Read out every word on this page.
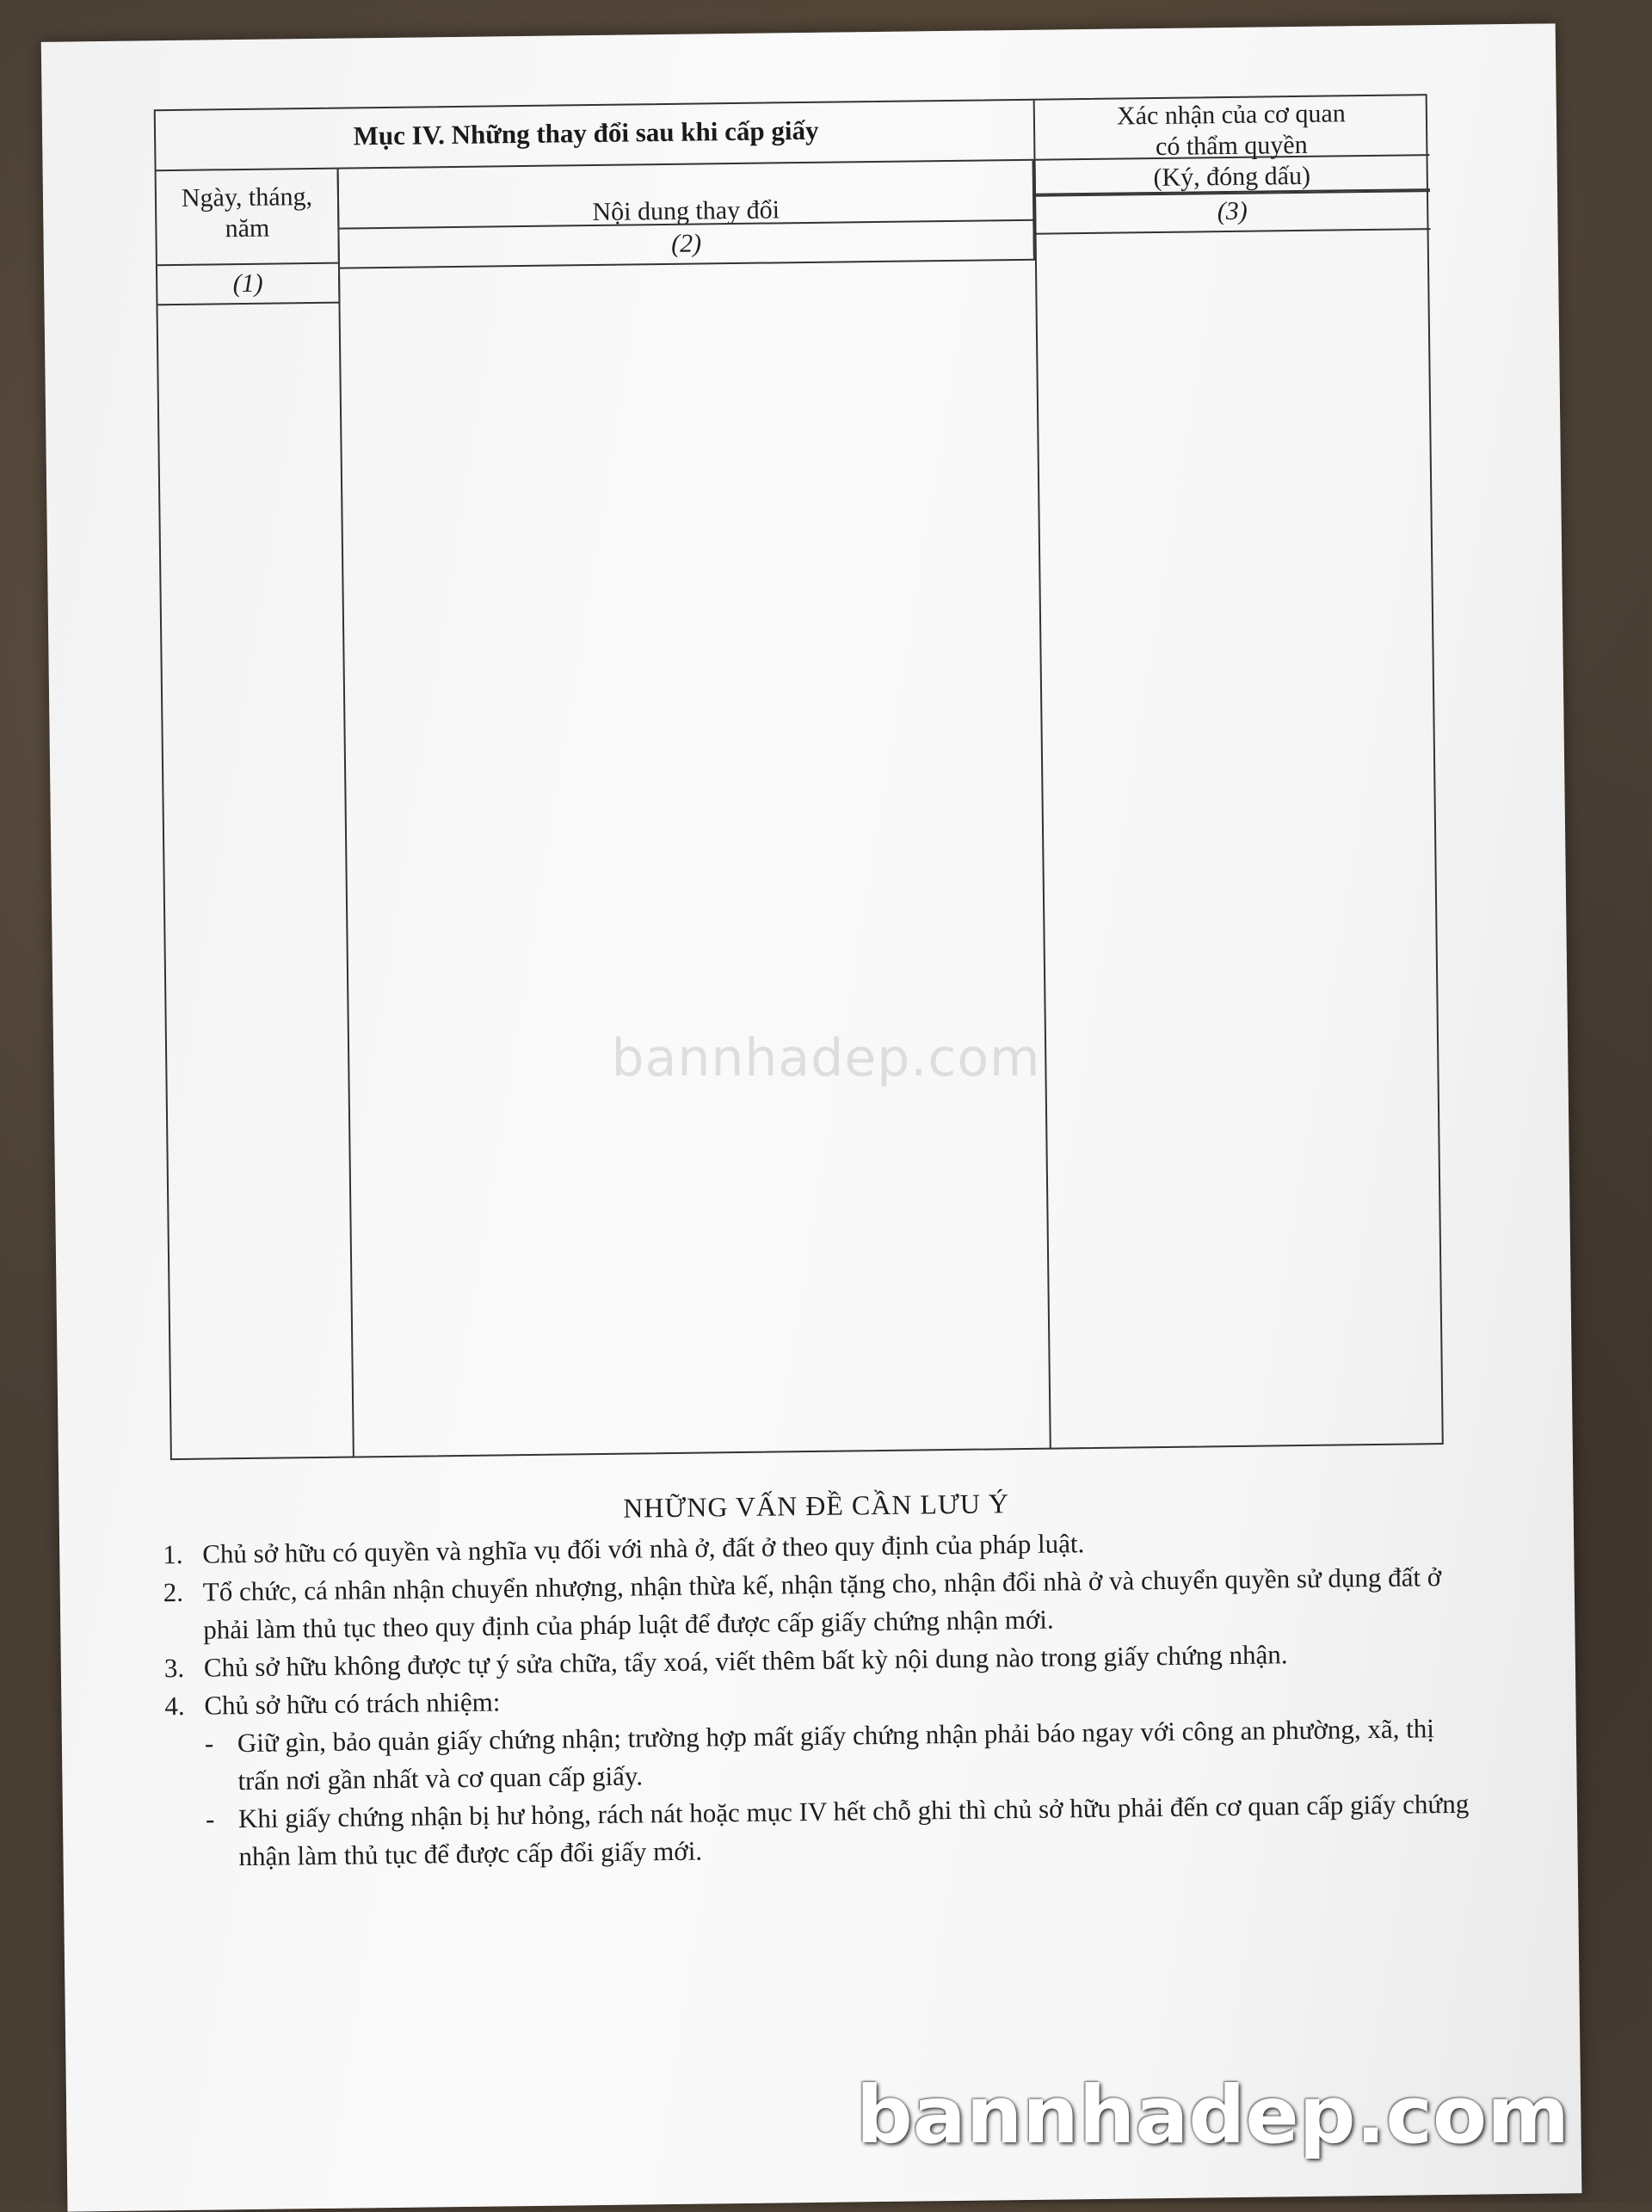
Mục IV. Những thay đổi sau khi cấp giấy
Ngày, tháng, năm
Nội dung thay đổi
Xác nhận của cơ quan
có thẩm quyền
(Ký, đóng dấu)
(1)
(2)
(3)
NHỮNG VẤN ĐỀ CẦN LƯU Ý
1. Chủ sở hữu có quyền và nghĩa vụ đối với nhà ở, đất ở theo quy định của pháp luật.
2. Tổ chức, cá nhân nhận chuyển nhượng, nhận thừa kế, nhận tặng cho, nhận đổi nhà ở và chuyển quyền sử dụng đất ở phải làm thủ tục theo quy định của pháp luật để được cấp giấy chứng nhận mới.
3. Chủ sở hữu không được tự ý sửa chữa, tẩy xoá, viết thêm bất kỳ nội dung nào trong giấy chứng nhận.
4. Chủ sở hữu có trách nhiệm:
- Giữ gìn, bảo quản giấy chứng nhận; trường hợp mất giấy chứng nhận phải báo ngay với công an phường, xã, thị trấn nơi gần nhất và cơ quan cấp giấy.
- Khi giấy chứng nhận bị hư hỏng, rách nát hoặc mục IV hết chỗ ghi thì chủ sở hữu phải đến cơ quan cấp giấy chứng nhận làm thủ tục để được cấp đổi giấy mới.
bannhadep.com
bannhadep.com
